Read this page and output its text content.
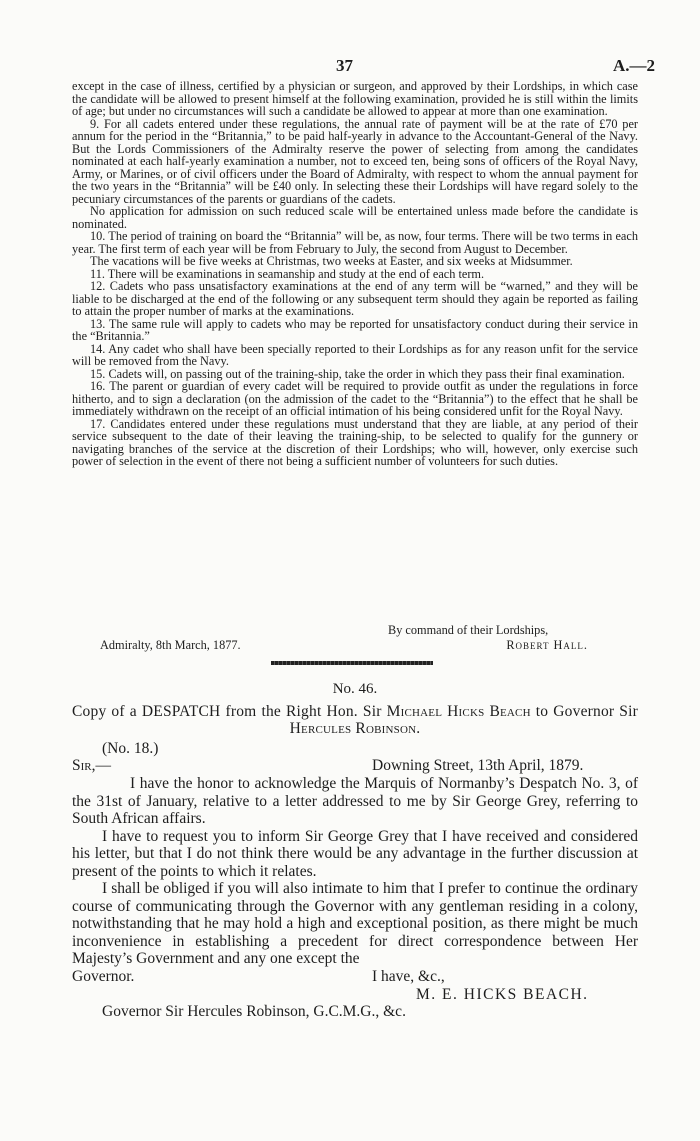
37	A.—2

except in the case of illness, certified by a physician or surgeon, and approved by their Lordships, in which case the candidate will be allowed to present himself at the following examination, provided he is still within the limits of age; but under no circumstances will such a candidate be allowed to appear at more than one examination.

9. For all cadets entered under these regulations, the annual rate of payment will be at the rate of £70 per annum for the period in the “Britannia,” to be paid half-yearly in advance to the Accountant-General of the Navy. But the Lords Commissioners of the Admiralty reserve the power of selecting from among the candidates nominated at each half-yearly examination a number, not to exceed ten, being sons of officers of the Royal Navy, Army, or Marines, or of civil officers under the Board of Admiralty, with respect to whom the annual payment for the two years in the “Britannia” will be £40 only. In selecting these their Lordships will have regard solely to the pecuniary circumstances of the parents or guardians of the cadets.

No application for admission on such reduced scale will be entertained unless made before the candidate is nominated.

10. The period of training on board the “Britannia” will be, as now, four terms. There will be two terms in each year. The first term of each year will be from February to July, the second from August to December.

The vacations will be five weeks at Christmas, two weeks at Easter, and six weeks at Midsummer.

11. There will be examinations in seamanship and study at the end of each term.

12. Cadets who pass unsatisfactory examinations at the end of any term will be “warned,” and they will be liable to be discharged at the end of the following or any subsequent term should they again be reported as failing to attain the proper number of marks at the examinations.

13. The same rule will apply to cadets who may be reported for unsatisfactory conduct during their service in the “Britannia.”

14. Any cadet who shall have been specially reported to their Lordships as for any reason unfit for the service will be removed from the Navy.

15. Cadets will, on passing out of the training-ship, take the order in which they pass their final examination.

16. The parent or guardian of every cadet will be required to provide outfit as under the regulations in force hitherto, and to sign a declaration (on the admission of the cadet to the “Britannia”) to the effect that he shall be immediately withdrawn on the receipt of an official intimation of his being considered unfit for the Royal Navy.

17. Candidates entered under these regulations must understand that they are liable, at any period of their service subsequent to the date of their leaving the training-ship, to be selected to qualify for the gunnery or navigating branches of the service at the discretion of their Lordships; who will, however, only exercise such power of selection in the event of there not being a sufficient number of volunteers for such duties.

By command of their Lordships,
Admiralty, 8th March, 1877.	Robert Hall.
No. 46.
Copy of a DESPATCH from the Right Hon. Sir Michael Hicks Beach to Governor Sir Hercules Robinson.
(No. 18.)
Sir,—	Downing Street, 13th April, 1879.

I have the honor to acknowledge the Marquis of Normanby’s Despatch No. 3, of the 31st of January, relative to a letter addressed to me by Sir George Grey, referring to South African affairs.

I have to request you to inform Sir George Grey that I have received and considered his letter, but that I do not think there would be any advantage in the further discussion at present of the points to which it relates.

I shall be obliged if you will also intimate to him that I prefer to continue the ordinary course of communicating through the Governor with any gentleman residing in a colony, notwithstanding that he may hold a high and exceptional position, as there might be much inconvenience in establishing a precedent for direct correspondence between Her Majesty’s Government and any one except the

Governor.	I have, &c.,
M. E. HICKS BEACH.
Governor Sir Hercules Robinson, G.C.M.G., &c.
